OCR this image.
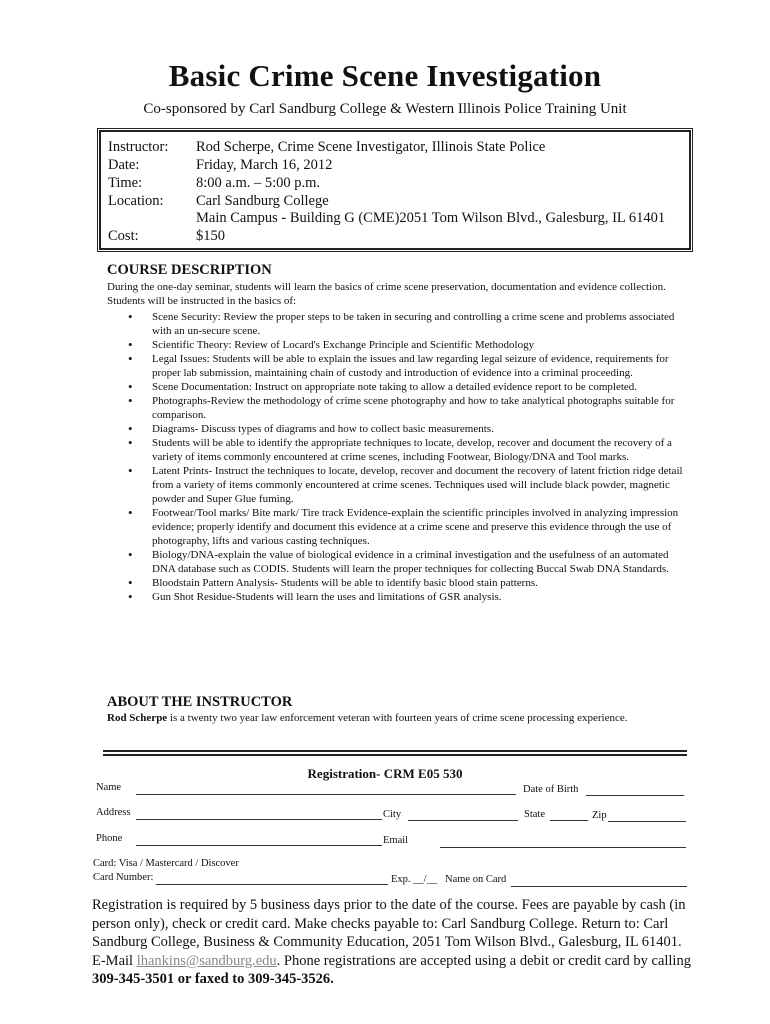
Basic Crime Scene Investigation
Co-sponsored by Carl Sandburg College & Western Illinois Police Training Unit
Instructor: Rod Scherpe, Crime Scene Investigator, Illinois State Police
Date:	Friday, March 16, 2012
Time:	8:00 a.m. – 5:00 p.m.
Location: Carl Sandburg College
Main Campus - Building G (CME)2051 Tom Wilson Blvd., Galesburg, IL 61401
Cost:	$150
COURSE DESCRIPTION
During the one-day seminar, students will learn the basics of crime scene preservation, documentation and evidence collection. Students will be instructed in the basics of:
• Scene Security: Review the proper steps to be taken in securing and controlling a crime scene and problems associated with an un-secure scene.
• Scientific Theory: Review of Locard's Exchange Principle and Scientific Methodology
• Legal Issues: Students will be able to explain the issues and law regarding legal seizure of evidence, requirements for proper lab submission, maintaining chain of custody and introduction of evidence into a criminal proceeding.
• Scene Documentation: Instruct on appropriate note taking to allow a detailed evidence report to be completed.
• Photographs-Review the methodology of crime scene photography and how to take analytical photographs suitable for comparison.
• Diagrams- Discuss types of diagrams and how to collect basic measurements.
• Students will be able to identify the appropriate techniques to locate, develop, recover and document the recovery of a variety of items commonly encountered at crime scenes, including Footwear, Biology/DNA and Tool marks.
• Latent Prints- Instruct the techniques to locate, develop, recover and document the recovery of latent friction ridge detail from a variety of items commonly encountered at crime scenes. Techniques used will include black powder, magnetic powder and Super Glue fuming.
• Footwear/Tool marks/ Bite mark/ Tire track Evidence-explain the scientific principles involved in analyzing impression evidence; properly identify and document this evidence at a crime scene and preserve this evidence through the use of photography, lifts and various casting techniques.
• Biology/DNA-explain the value of biological evidence in a criminal investigation and the usefulness of an automated DNA database such as CODIS. Students will learn the proper techniques for collecting Buccal Swab DNA Standards.
• Bloodstain Pattern Analysis- Students will be able to identify basic blood stain patterns.
• Gun Shot Residue-Students will learn the uses and limitations of GSR analysis.
ABOUT THE INSTRUCTOR
Rod Scherpe is a twenty two year law enforcement veteran with fourteen years of crime scene processing experience.
Registration- CRM E05 530
Name	Date of Birth
Address	City	State	Zip
Phone	Email
Card: Visa / Mastercard / Discover
Card Number:	Exp. __/__ Name on Card
Registration is required by 5 business days prior to the date of the course. Fees are payable by cash (in person only), check or credit card. Make checks payable to: Carl Sandburg College. Return to: Carl Sandburg College, Business & Community Education, 2051 Tom Wilson Blvd., Galesburg, IL 61401.
E-Mail lhankins@sandburg.edu. Phone registrations are accepted using a debit or credit card by calling 309-345-3501 or faxed to 309-345-3526.
